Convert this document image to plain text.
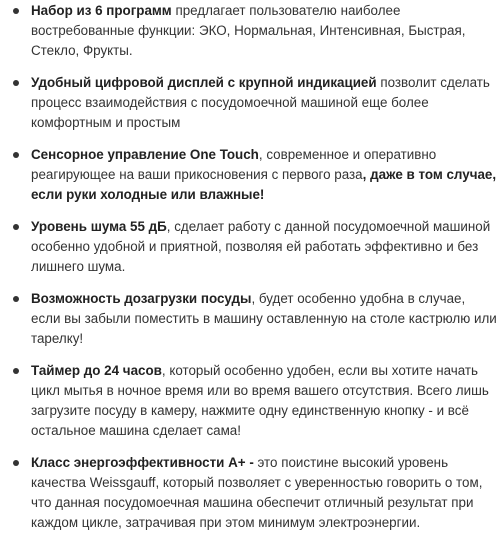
Набор из 6 программ предлагает пользователю наиболее востребованные функции: ЭКО, Нормальная, Интенсивная, Быстрая, Стекло, Фрукты.
Удобный цифровой дисплей с крупной индикацией позволит сделать процесс взаимодействия с посудомоечной машиной еще более комфортным и простым
Сенсорное управление One Touch, современное и оперативно реагирующее на ваши прикосновения с первого раза, даже в том случае, если руки холодные или влажные!
Уровень шума 55 дБ, сделает работу с данной посудомоечной машиной особенно удобной и приятной, позволяя ей работать эффективно и без лишнего шума.
Возможность дозагрузки посуды, будет особенно удобна в случае, если вы забыли поместить в машину оставленную на столе кастрюлю или тарелку!
Таймер до 24 часов, который особенно удобен, если вы хотите начать цикл мытья в ночное время или во время вашего отсутствия. Всего лишь загрузите посуду в камеру, нажмите одну единственную кнопку - и всё остальное машина сделает сама!
Класс энергоэффективности А+ - это поистине высокий уровень качества Weissgauff, который позволяет с уверенностью говорить о том, что данная посудомоечная машина обеспечит отличный результат при каждом цикле, затрачивая при этом минимум электроэнергии.
